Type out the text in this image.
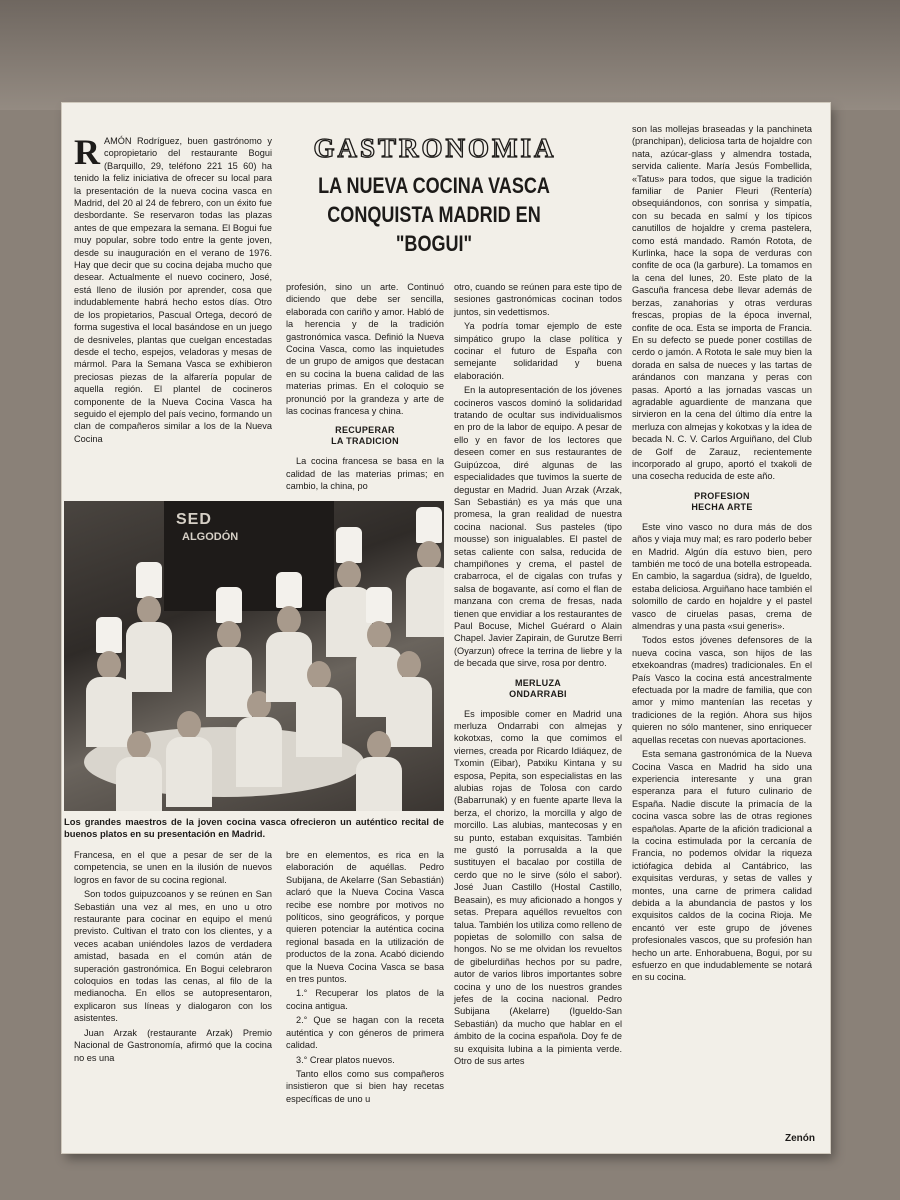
GASTRONOMIA
LA NUEVA COCINA VASCA
CONQUISTA MADRID EN "BOGUI"
R AMÓN Rodríguez, buen gastrónomo y copropietario del restaurante Bogui (Barquillo, 29, teléfono 221 15 60) ha tenido la feliz iniciativa de ofrecer su local para la presentación de la nueva cocina vasca en Madrid, del 20 al 24 de febrero, con un éxito fue desbordante. Se reservaron todas las plazas antes de que empezara la semana. El Bogui fue muy popular, sobre todo entre la gente joven, desde su inauguración en el verano de 1976. Hay que decir que su cocina dejaba mucho que desear. Actualmente el nuevo cocinero, José, está lleno de ilusión por aprender, cosa que indudablemente habrá hecho estos días. Otro de los propietarios, Pascual Ortega, decoró de forma sugestiva el local basándose en un juego de desniveles, plantas que cuelgan encestadas desde el techo, espejos, veladoras y mesas de mármol. Para la Semana Vasca se exhibieron preciosas piezas de la alfarería popular de aquella región. El plantel de cocineros componente de la Nueva Cocina Vasca ha seguido el ejemplo del país vecino, formando un clan de compañeros similar a los de la Nueva Cocina

profesión, sino un arte. Continuó diciendo que debe ser sencilla, elaborada con cariño y amor. Habló de la herencia y de la tradición gastronómica vasca. Definió la Nueva Cocina Vasca, como las inquietudes de un grupo de amigos que destacan en su cocina la buena calidad de las materias primas. En el coloquio se pronunció por la grandeza y arte de las cocinas francesa y china.

RECUPERAR
LA TRADICION

La cocina francesa se basa en la calidad de las materias primas; en cambio, la china, po

otro, cuando se reúnen para este tipo de sesiones gastronómicas cocinan todos juntos, sin vedettismos.

Ya podría tomar ejemplo de este simpático grupo la clase política y cocinar el futuro de España con semejante solidaridad y buena elaboración.

En la autopresentación de los jóvenes cocineros vascos dominó la solidaridad tratando de ocultar sus individualismos en pro de la labor de equipo. A pesar de ello y en favor de los lectores que deseen comer en sus restaurantes de Guipúzcoa, diré algunas de las especialidades que tuvimos la suerte de degustar en Madrid. Juan Arzak (Arzak, San Sebastián) es ya más que una promesa, la gran realidad de nuestra cocina nacional. Sus pasteles (tipo mousse) son inigualables. El pastel de setas caliente con salsa, reducida de champiñones y crema, el pastel de crabarroca, el de cigalas con trufas y salsa de bogavante, así como el flan de manzana con crema de fresas, nada tienen que envidiar a los restaurantes de Paul Bocuse, Michel Guérard o Alain Chapel. Javier Zapirain, de Gurutze Berri (Oyarzun) ofrece la terrina de liebre y la de becada que sirve, rosa por dentro.

MERLUZA
ONDARRABI

Es imposible comer en Madrid una merluza Ondarrabi con almejas y kokotxas, como la que comimos el viernes, creada por Ricardo Idiáquez, de Txomin (Eibar), Patxiku Kintana y su esposa, Pepita, son especialistas en las alubias rojas de Tolosa con cardo (Babarrunak) y en fuente aparte lleva la berza, el chorizo, la morcilla y algo de morcillo. Las alubias, mantecosas y en su punto, estaban exquisitas. También me gustó la porrusalda a la que sustituyen el bacalao por costilla de cerdo que no le sirve (sólo el sabor). José Juan Castillo (Hostal Castillo, Beasain), es muy aficionado a hongos y setas. Prepara aquéllos revueltos con talua. También los utiliza como relleno de popietas de solomillo con salsa de hongos. No se me olvidan los revueltos de gibelurdiñas hechos por su padre, autor de varios libros importantes sobre cocina y uno de los nuestros grandes jefes de la cocina nacional. Pedro Subijana (Akelarre) (Igueldo-San Sebastián) da mucho que hablar en el ámbito de la cocina española. Doy fe de su exquisita lubina a la pimienta verde. Otro de sus artes

son las mollejas braseadas y la panchineta (pranchipan), deliciosa tarta de hojaldre con nata, azúcar-glass y almendra tostada, servida caliente. María Jesús Fombellida, «Tatus» para todos, que sigue la tradición familiar de Panier Fleuri (Rentería) obsequiándonos, con sonrisa y simpatía, con su becada en salmí y los típicos canutillos de hojaldre y crema pastelera, como está mandado. Ramón Rotota, de Kurlinka, hace la sopa de verduras con confite de oca (la garbure). La tomamos en la cena del lunes, 20. Este plato de la Gascuña francesa debe llevar además de berzas, zanahorias y otras verduras frescas, propias de la época invernal, confite de oca. Esta se importa de Francia. En su defecto se puede poner costillas de cerdo o jamón. A Rotota le sale muy bien la dorada en salsa de nueces y las tartas de arándanos con manzana y peras con pasas. Aportó a las jornadas vascas un agradable aguardiente de manzana que sirvieron en la cena del último día entre la merluza con almejas y kokotxas y la idea de becada N. C. V. Carlos Arguiñano, del Club de Golf de Zarauz, recientemente incorporado al grupo, aportó el txakoli de una cosecha reducida de este año.

PROFESION
HECHA ARTE

Este vino vasco no dura más de dos años y viaja muy mal; es raro poderlo beber en Madrid. Algún día estuvo bien, pero también me tocó de una botella estropeada. En cambio, la sagardua (sidra), de Igueldo, estaba deliciosa. Arguiñano hace también el solomillo de cardo en hojaldre y el pastel vasco de ciruelas pasas, crema de almendras y una pasta «sui generis».

Todos estos jóvenes defensores de la nueva cocina vasca, son hijos de las etxekoandras (madres) tradicionales. En el País Vasco la cocina está ancestralmente efectuada por la madre de familia, que con amor y mimo mantenían las recetas y tradiciones de la región. Ahora sus hijos quieren no sólo mantener, sino enriquecer aquellas recetas con nuevas aportaciones.

Esta semana gastronómica de la Nueva Cocina Vasca en Madrid ha sido una experiencia interesante y una gran esperanza para el futuro culinario de España. Nadie discute la primacía de la cocina vasca sobre las de otras regiones españolas. Aparte de la afición tradicional a la cocina estimulada por la cercanía de Francia, no podemos olvidar la riqueza ictiófagica debida al Cantábrico, las exquisitas verduras, y setas de valles y montes, una carne de primera calidad debida a la abundancia de pastos y los exquisitos caldos de la cocina Rioja. Me encantó ver este grupo de jóvenes profesionales vascos, que su profesión han hecho un arte. Enhorabuena, Bogui, por su esfuerzo en que indudablemente se notará en su cocina.

SED
ALGODÓN
Los grandes maestros de la joven cocina vasca ofrecieron un auténtico recital de buenos platos en su presentación en Madrid.

Francesa, en el que a pesar de ser de la competencia, se unen en la ilusión de nuevos logros en favor de su cocina regional.

Son todos guipuzcoanos y se reúnen en San Sebastián una vez al mes, en uno u otro restaurante para cocinar en equipo el menú previsto. Cultivan el trato con los clientes, y a veces acaban uniéndoles lazos de verdadera amistad, basada en el común atán de superación gastronómica. En Bogui celebraron coloquios en todas las cenas, al filo de la medianocha. En ellos se autopresentaron, explicaron sus líneas y dialogaron con los asistentes.

Juan Arzak (restaurante Arzak) Premio Nacional de Gastronomía, afirmó que la cocina no es una

bre en elementos, es rica en la elaboración de aquéllas. Pedro Subijana, de Akelarre (San Sebastián) aclaró que la Nueva Cocina Vasca recibe ese nombre por motivos no políticos, sino geográficos, y porque quieren potenciar la auténtica cocina regional basada en la utilización de productos de la zona. Acabó diciendo que la Nueva Cocina Vasca se basa en tres puntos.

1.° Recuperar los platos de la cocina antigua.

2.° Que se hagan con la receta auténtica y con géneros de primera calidad.

3.° Crear platos nuevos.

Tanto ellos como sus compañeros insistieron que si bien hay recetas específicas de uno u

Zenón
